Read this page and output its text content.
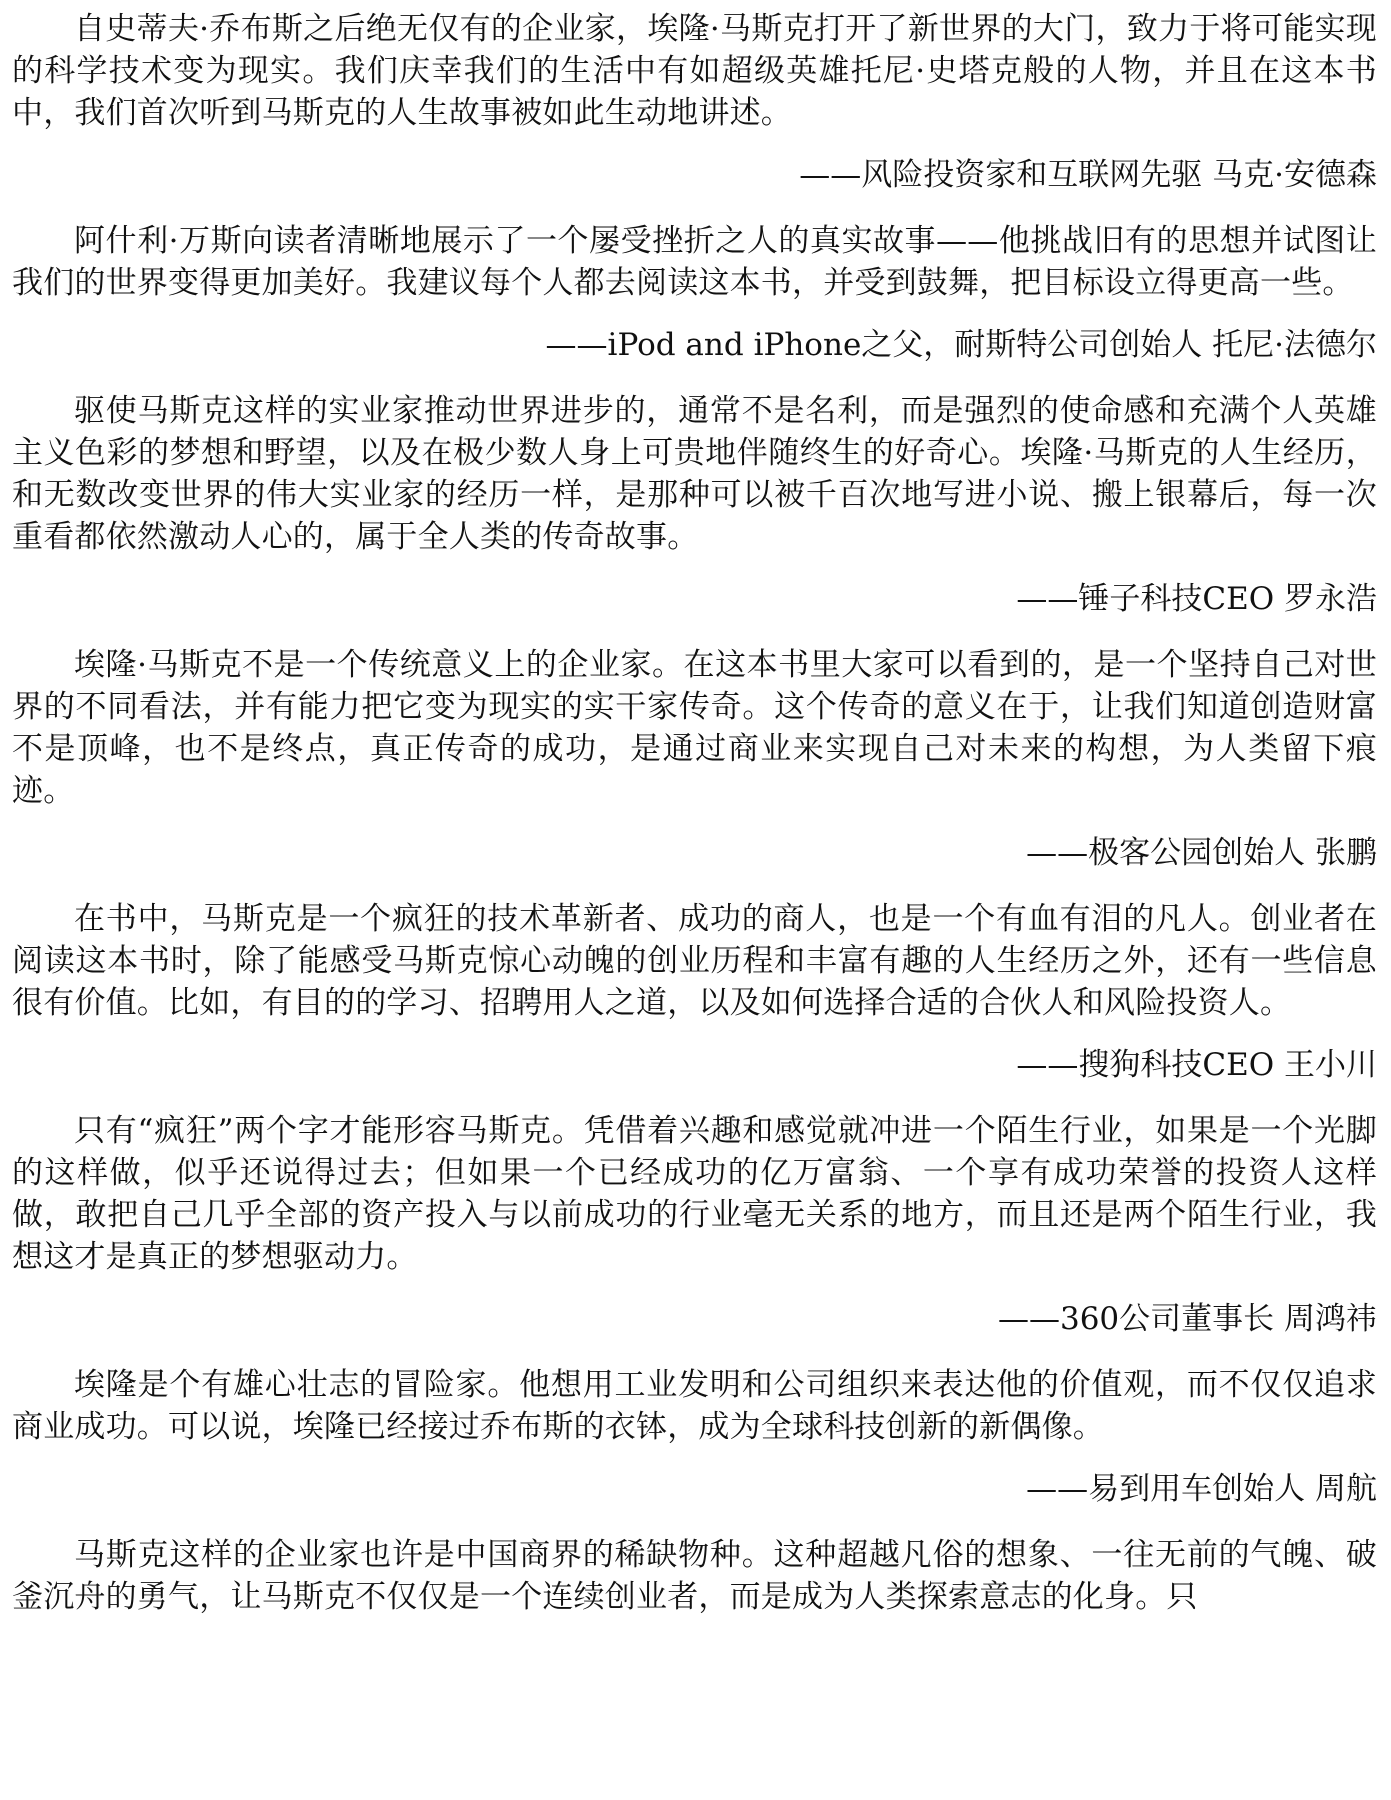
自史蒂夫·乔布斯之后绝无仅有的企业家，埃隆·马斯克打开了新世界的大门，致力于将可能实现的科学技术变为现实。我们庆幸我们的生活中有如超级英雄托尼·史塔克般的人物，并且在这本书中，我们首次听到马斯克的人生故事被如此生动地讲述。

——风险投资家和互联网先驱 马克·安德森

阿什利·万斯向读者清晰地展示了一个屡受挫折之人的真实故事——他挑战旧有的思想并试图让我们的世界变得更加美好。我建议每个人都去阅读这本书，并受到鼓舞，把目标设立得更高一些。

——iPod and iPhone之父，耐斯特公司创始人 托尼·法德尔

驱使马斯克这样的实业家推动世界进步的，通常不是名利，而是强烈的使命感和充满个人英雄主义色彩的梦想和野望，以及在极少数人身上可贵地伴随终生的好奇心。埃隆·马斯克的人生经历，和无数改变世界的伟大实业家的经历一样，是那种可以被千百次地写进小说、搬上银幕后，每一次重看都依然激动人心的，属于全人类的传奇故事。

——锤子科技CEO 罗永浩

埃隆·马斯克不是一个传统意义上的企业家。在这本书里大家可以看到的，是一个坚持自己对世界的不同看法，并有能力把它变为现实的实干家传奇。这个传奇的意义在于，让我们知道创造财富不是顶峰，也不是终点，真正传奇的成功，是通过商业来实现自己对未来的构想，为人类留下痕迹。

——极客公园创始人 张鹏

在书中，马斯克是一个疯狂的技术革新者、成功的商人，也是一个有血有泪的凡人。创业者在阅读这本书时，除了能感受马斯克惊心动魄的创业历程和丰富有趣的人生经历之外，还有一些信息很有价值。比如，有目的的学习、招聘用人之道，以及如何选择合适的合伙人和风险投资人。

——搜狗科技CEO 王小川

只有“疯狂”两个字才能形容马斯克。凭借着兴趣和感觉就冲进一个陌生行业，如果是一个光脚的这样做，似乎还说得过去；但如果一个已经成功的亿万富翁、一个享有成功荣誉的投资人这样做，敢把自己几乎全部的资产投入与以前成功的行业毫无关系的地方，而且还是两个陌生行业，我想这才是真正的梦想驱动力。

——360公司董事长 周鸿祎

埃隆是个有雄心壮志的冒险家。他想用工业发明和公司组织来表达他的价值观，而不仅仅追求商业成功。可以说，埃隆已经接过乔布斯的衣钵，成为全球科技创新的新偶像。

——易到用车创始人 周航

马斯克这样的企业家也许是中国商界的稀缺物种。这种超越凡俗的想象、一往无前的气魄、破釜沉舟的勇气，让马斯克不仅仅是一个连续创业者，而是成为人类探索意志的化身。只
